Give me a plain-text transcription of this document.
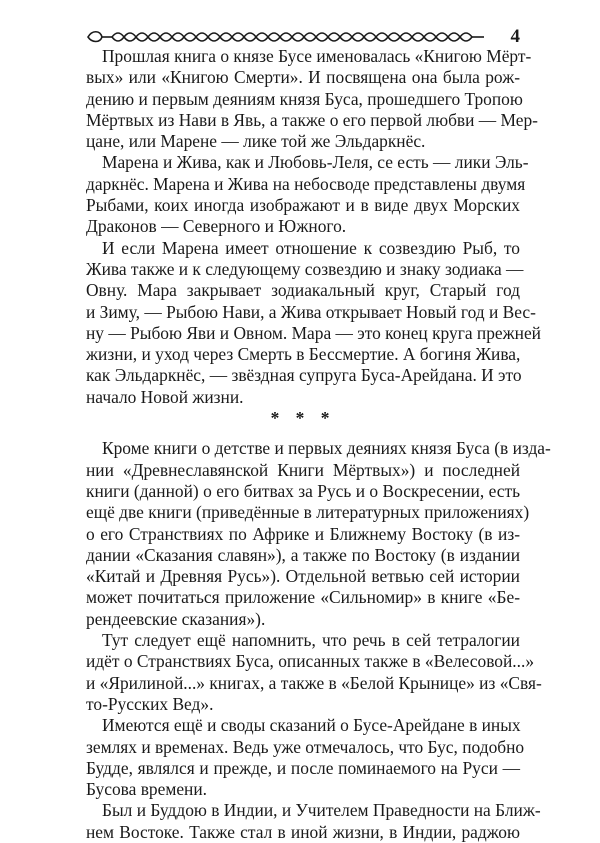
4
Прошлая книга о князе Бусе именовалась «Книгою Мёрт-
вых» или «Книгою Смерти». И посвящена она была рож-
дению и первым деяниям князя Буса, прошедшего Тропою
Мёртвых из Нави в Явь, а также о его первой любви — Мер-
цане, или Марене — лике той же Эльдаркнёс.
Марена и Жива, как и Любовь-Леля, се есть — лики Эль-
даркнёс. Марена и Жива на небосводе представлены двумя
Рыбами, коих иногда изображают и в виде двух Морских
Драконов — Северного и Южного.
И если Марена имеет отношение к созвездию Рыб, то
Жива также и к следующему созвездию и знаку зодиака —
Овну. Мара закрывает зодиакальный круг, Старый год
и Зиму, — Рыбою Нави, а Жива открывает Новый год и Вес-
ну — Рыбою Яви и Овном. Мара — это конец круга прежней
жизни, и уход через Смерть в Бессмертие. А богиня Жива,
как Эльдаркнёс, — звёздная супруга Буса-Арейдана. И это
начало Новой жизни.
* * *
Кроме книги о детстве и первых деяниях князя Буса (в изда-
нии «Древнеславянской Книги Мёртвых») и последней
книги (данной) о его битвах за Русь и о Воскресении, есть
ещё две книги (приведённые в литературных приложениях)
о его Странствиях по Африке и Ближнему Востоку (в из-
дании «Сказания славян»), а также по Востоку (в издании
«Китай и Древняя Русь»). Отдельной ветвью сей истории
может почитаться приложение «Сильномир» в книге «Бе-
рендеевские сказания»).
Тут следует ещё напомнить, что речь в сей тетралогии
идёт о Странствиях Буса, описанных также в «Велесовой...»
и «Ярилиной...» книгах, а также в «Белой Крынице» из «Свя-
то-Русских Вед».
Имеются ещё и своды сказаний о Бусе-Арейдане в иных
землях и временах. Ведь уже отмечалось, что Бус, подобно
Будде, являлся и прежде, и после поминаемого на Руси —
Бусова времени.
Был и Буддою в Индии, и Учителем Праведности на Ближ-
нем Востоке. Также стал в иной жизни, в Индии, раджою
